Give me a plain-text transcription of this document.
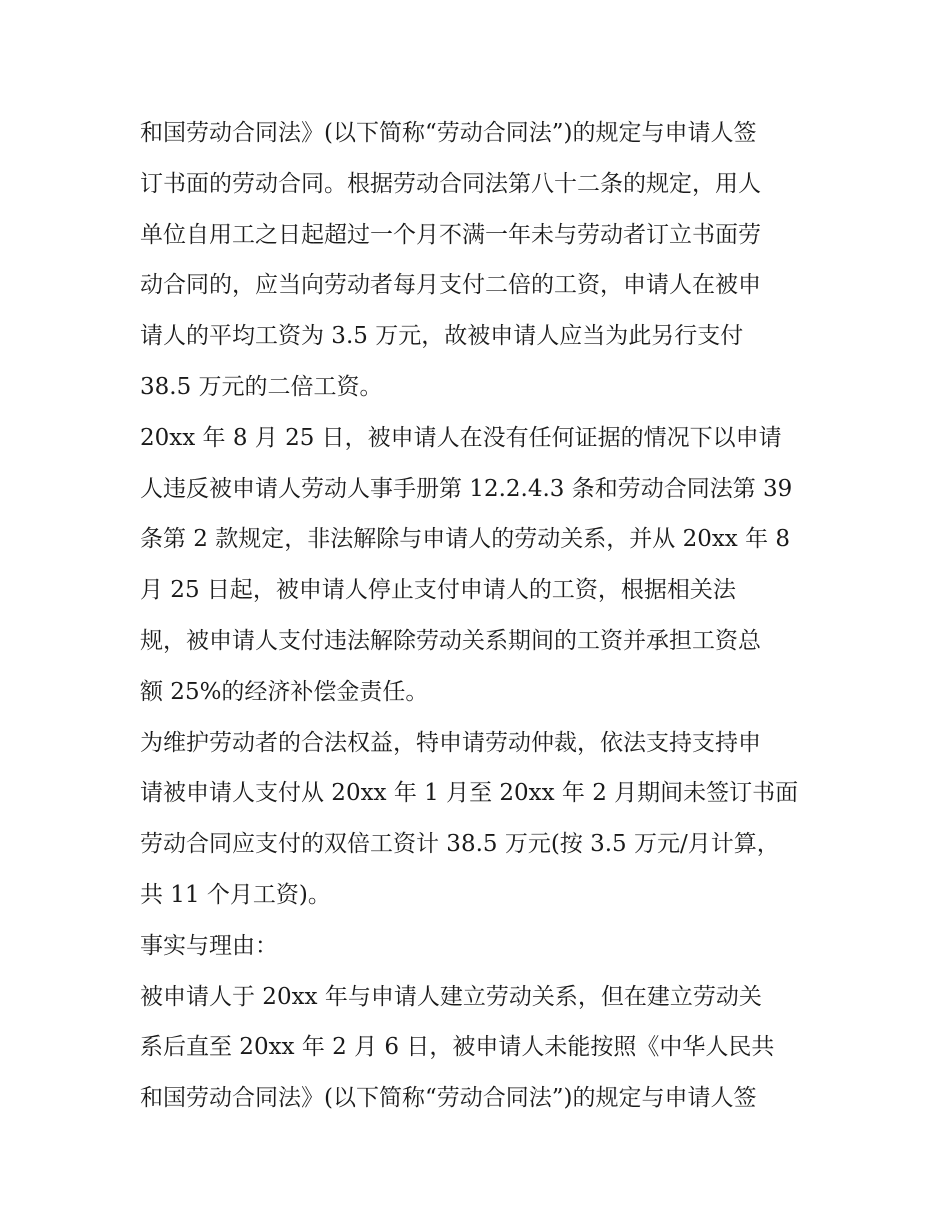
和国劳动合同法》(以下简称“劳动合同法”)的规定与申请人签
订书面的劳动合同。根据劳动合同法第八十二条的规定，用人
单位自用工之日起超过一个月不满一年未与劳动者订立书面劳
动合同的，应当向劳动者每月支付二倍的工资，申请人在被申
请人的平均工资为 3.5 万元，故被申请人应当为此另行支付
38.5 万元的二倍工资。
20xx 年 8 月 25 日，被申请人在没有任何证据的情况下以申请
人违反被申请人劳动人事手册第 12.2.4.3 条和劳动合同法第 39
条第 2 款规定，非法解除与申请人的劳动关系，并从 20xx 年 8
月 25 日起，被申请人停止支付申请人的工资，根据相关法
规，被申请人支付违法解除劳动关系期间的工资并承担工资总
额 25%的经济补偿金责任。
为维护劳动者的合法权益，特申请劳动仲裁，依法支持支持申
请被申请人支付从 20xx 年 1 月至 20xx 年 2 月期间未签订书面
劳动合同应支付的双倍工资计 38.5 万元(按 3.5 万元/月计算，
共 11 个月工资)。
事实与理由：
被申请人于 20xx 年与申请人建立劳动关系，但在建立劳动关
系后直至 20xx 年 2 月 6 日，被申请人未能按照《中华人民共
和国劳动合同法》(以下简称“劳动合同法”)的规定与申请人签
